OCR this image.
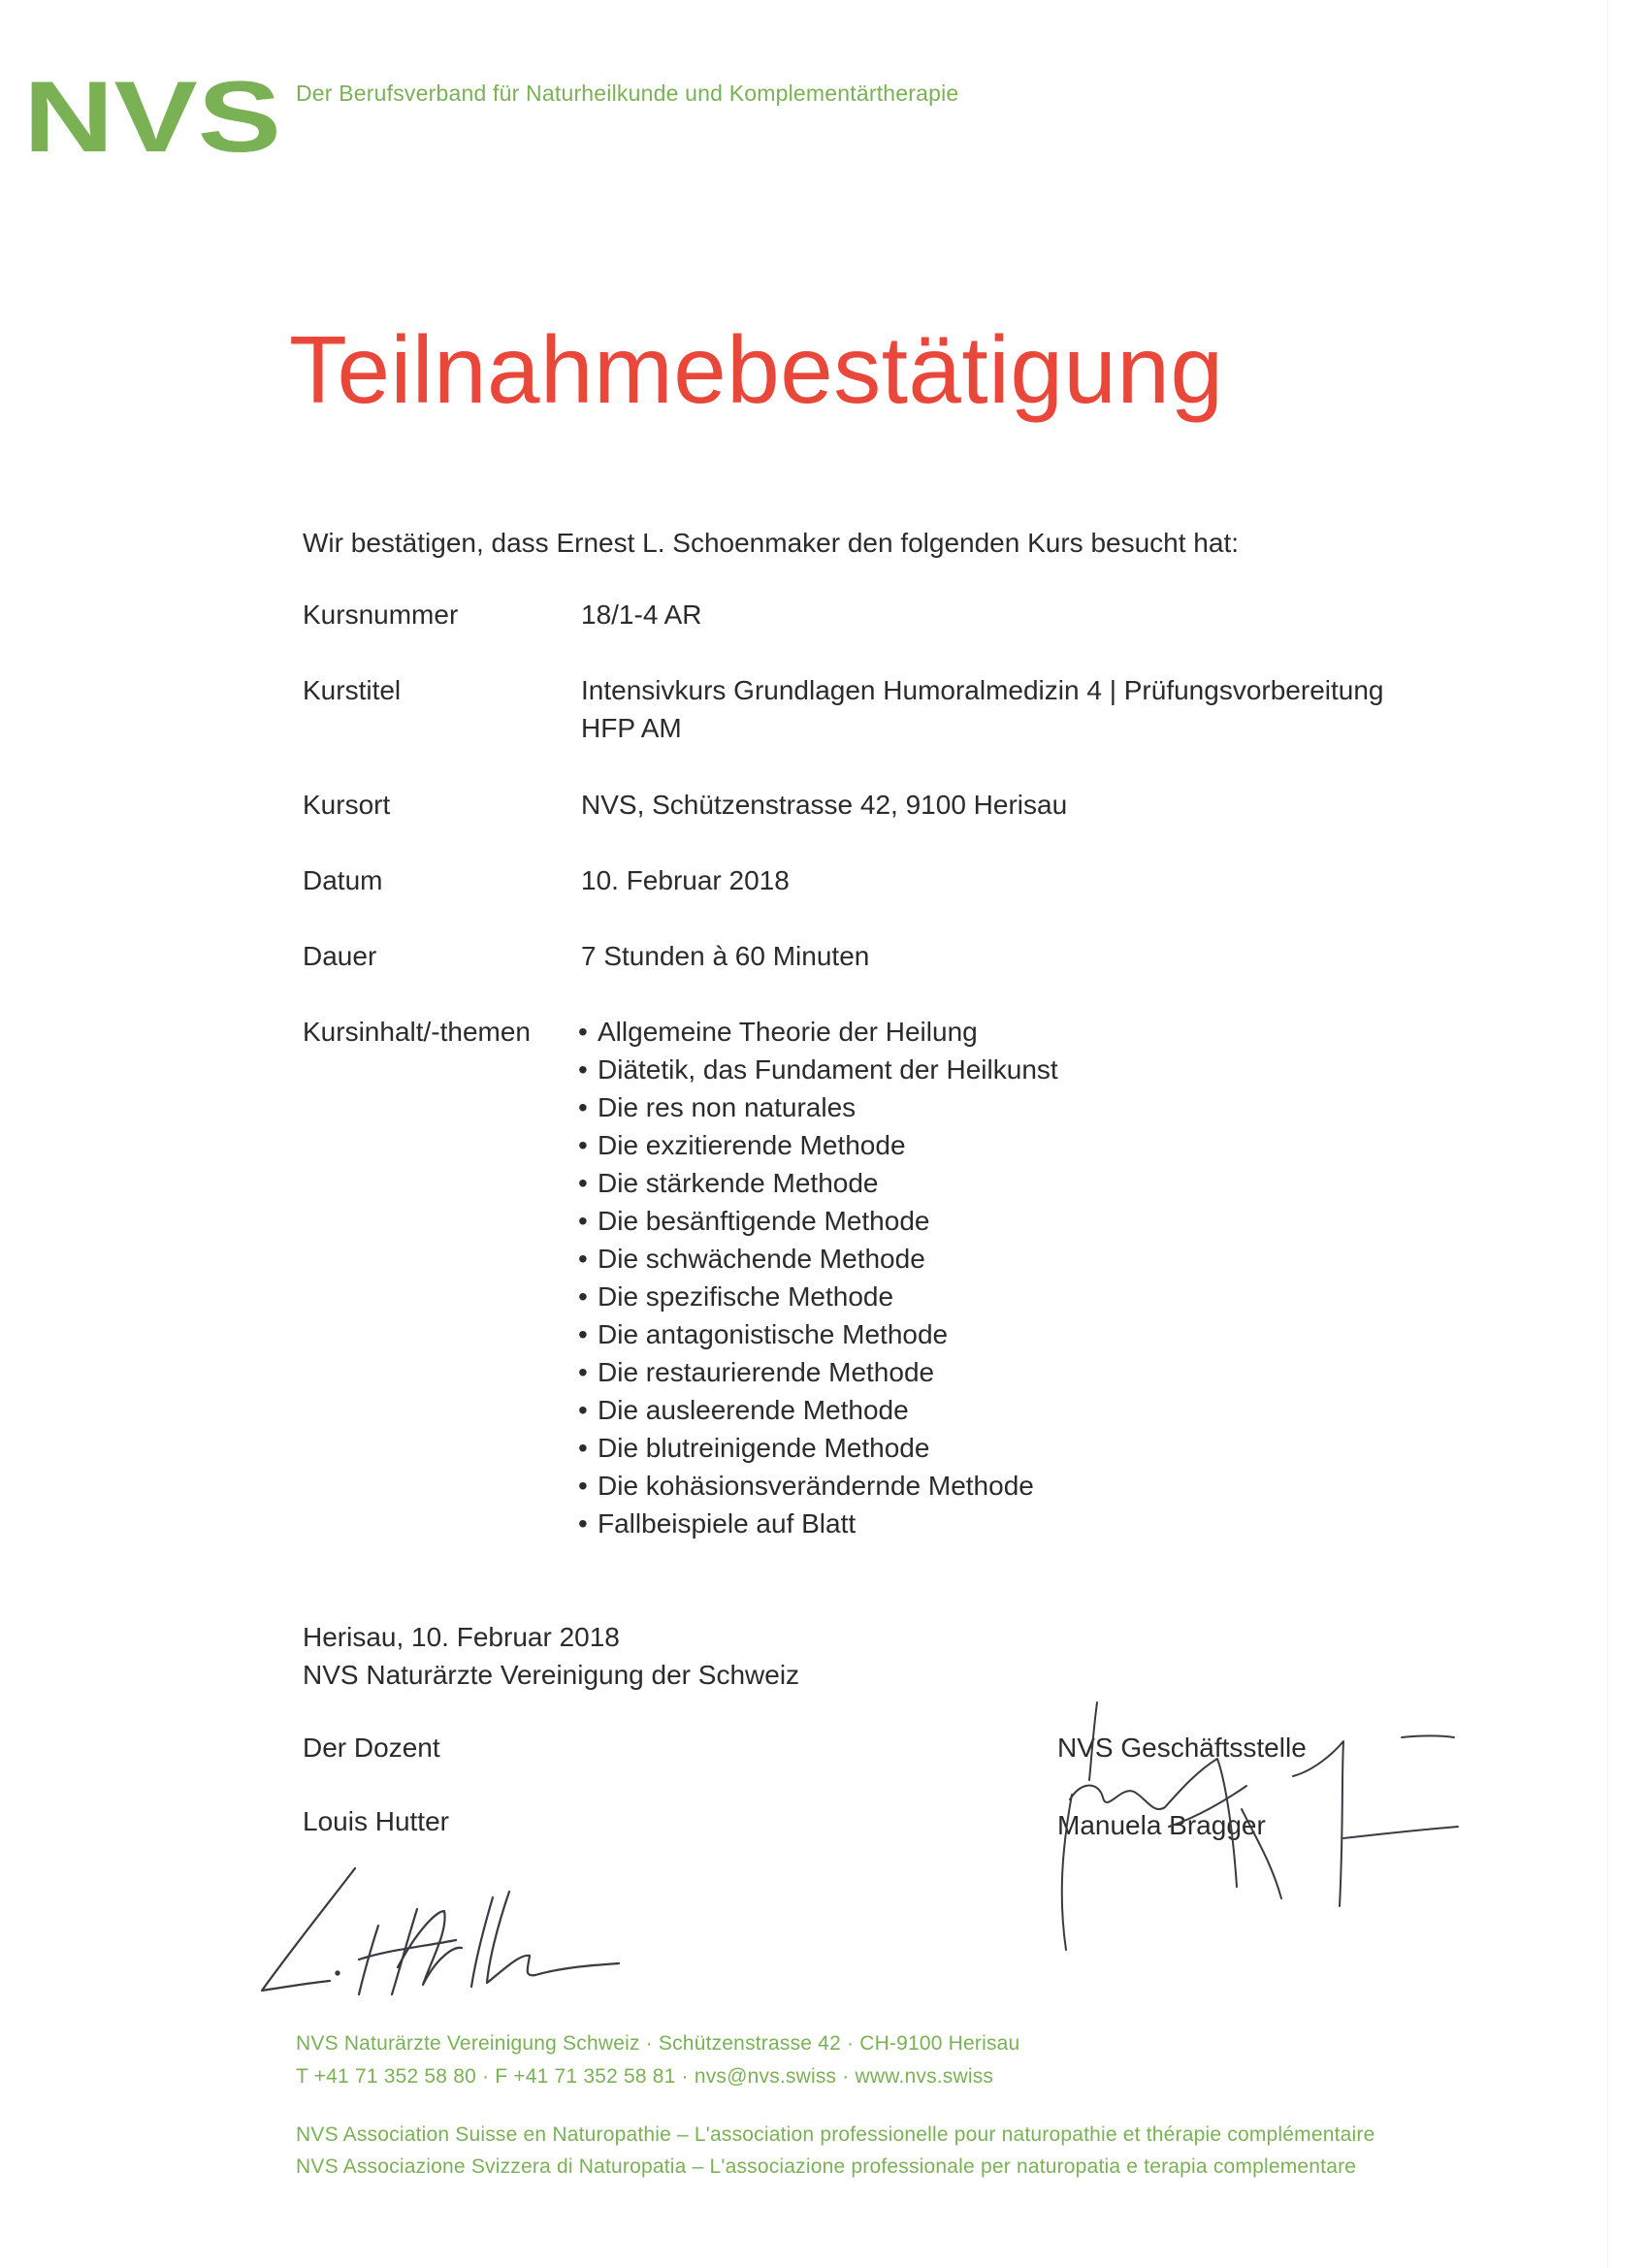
NVS Der Berufsverband für Naturheilkunde und Komplementärtherapie
Teilnahmebestätigung
Wir bestätigen, dass Ernest L. Schoenmaker den folgenden Kurs besucht hat:
Kursnummer	18/1-4 AR
Kurstitel	Intensivkurs Grundlagen Humoralmedizin 4 | Prüfungsvorbereitung
HFP AM
Kursort	NVS, Schützenstrasse 42, 9100 Herisau
Datum	10. Februar 2018
Dauer	7 Stunden à 60 Minuten
Kursinhalt/-themen • Allgemeine Theorie der Heilung
• Diätetik, das Fundament der Heilkunst
• Die res non naturales
• Die exzitierende Methode
• Die stärkende Methode
• Die besänftigende Methode
• Die schwächende Methode
• Die spezifische Methode
• Die antagonistische Methode
• Die restaurierende Methode
• Die ausleerende Methode
• Die blutreinigende Methode
• Die kohäsionsverändernde Methode
• Fallbeispiele auf Blatt
Herisau, 10. Februar 2018
NVS Naturärzte Vereinigung der Schweiz
Der Dozent
Louis Hutter
NVS Geschäftsstelle
Manuela Bragger
NVS Naturärzte Vereinigung Schweiz · Schützenstrasse 42 · CH-9100 Herisau
T +41 71 352 58 80 · F +41 71 352 58 81 · nvs@nvs.swiss · www.nvs.swiss
NVS Association Suisse en Naturopathie – L'association professionelle pour naturopathie et thérapie complémentaire
NVS Associazione Svizzera di Naturopatia – L'associazione professionale per naturopatia e terapia complementare
